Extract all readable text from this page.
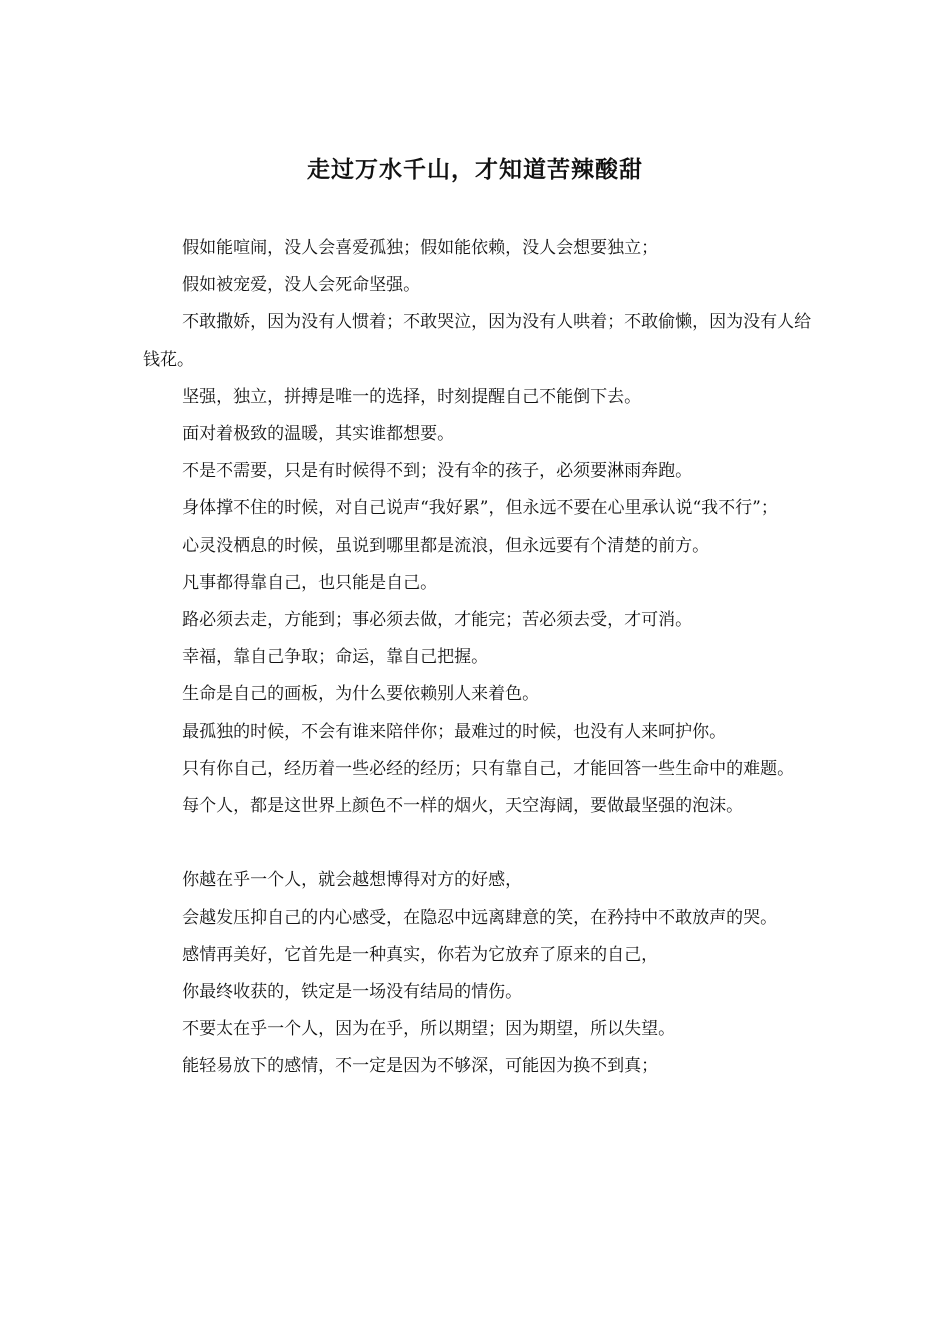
走过万水千山，才知道苦辣酸甜

假如能喧闹，没人会喜爱孤独；假如能依赖，没人会想要独立；

假如被宠爱，没人会死命坚强。

不敢撒娇，因为没有人惯着；不敢哭泣，因为没有人哄着；不敢偷懒，因为没有人给钱花。

坚强，独立，拼搏是唯一的选择，时刻提醒自己不能倒下去。

面对着极致的温暖，其实谁都想要。

不是不需要，只是有时候得不到；没有伞的孩子，必须要淋雨奔跑。

身体撑不住的时候，对自己说声“我好累”，但永远不要在心里承认说“我不行”；

心灵没栖息的时候，虽说到哪里都是流浪，但永远要有个清楚的前方。

凡事都得靠自己，也只能是自己。

路必须去走，方能到；事必须去做，才能完；苦必须去受，才可消。

幸福，靠自己争取；命运，靠自己把握。

生命是自己的画板，为什么要依赖别人来着色。

最孤独的时候，不会有谁来陪伴你；最难过的时候，也没有人来呵护你。

只有你自己，经历着一些必经的经历；只有靠自己，才能回答一些生命中的难题。

每个人，都是这世界上颜色不一样的烟火，天空海阔，要做最坚强的泡沫。

你越在乎一个人，就会越想博得对方的好感，

会越发压抑自己的内心感受，在隐忍中远离肆意的笑，在矜持中不敢放声的哭。

感情再美好，它首先是一种真实，你若为它放弃了原来的自己，

你最终收获的，铁定是一场没有结局的情伤。

不要太在乎一个人，因为在乎，所以期望；因为期望，所以失望。

能轻易放下的感情，不一定是因为不够深，可能因为换不到真；
